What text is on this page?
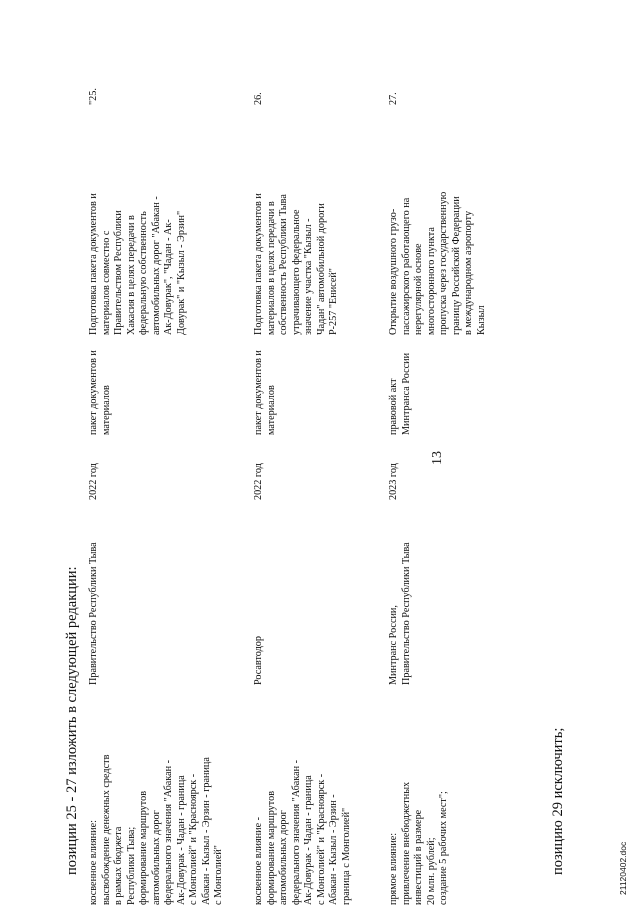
13
позиции 25 - 27 изложить в следующей редакции:
"25.
Подготовка пакета документов и
материалов совместно с
Правительством Республики
Хакасия в целях передачи в
федеральную собственность
автомобильных дорог "Абакан -
Ак-Довурак", "Чадан - Ак-
Довурак" и "Кызыл - Эрзин"
пакет документов и
материалов
2022 год
Правительство Республики Тыва
косвенное влияние:
высвобождение денежных средств
в рамках бюджета
Республики Тыва;
формирование маршрутов
автомобильных дорог
федерального значения "Абакан -
Ак-Довурак - Чадан - граница
с Монголией" и "Красноярск -
Абакан - Кызыл - Эрзин - граница
с Монголией"
26.
Подготовка пакета документов и
материалов в целях передачи в
собственность Республики Тыва
утрачивающего федеральное
значение участка "Кызыл -
Чадан" автомобильной дороги
Р-257 "Енисей"
пакет документов и
материалов
2022 год
Росавтодор
косвенное влияние -
формирование маршрутов
автомобильных дорог
федерального значения "Абакан -
Ак-Довурак - Чадан - граница
с Монголией" и "Красноярск -
Абакан - Кызыл - Эрзин -
граница с Монголией"
27.
Открытие воздушного грузо-
пассажирского работающего на
нерегулярной основе
многосторонного пункта
пропуска через государственную
границу Российской Федерации
в международном аэропорту
Кызыл
правовой акт
Минтранса России
2023 год
Минтранс России,
Правительство Республики Тыва
прямое влияние:
привлечение внебюджетных
инвестиций в размере
20 млн. рублей;
создание 5 рабочих мест";	позицию 29 исключить;	21120402.doc
